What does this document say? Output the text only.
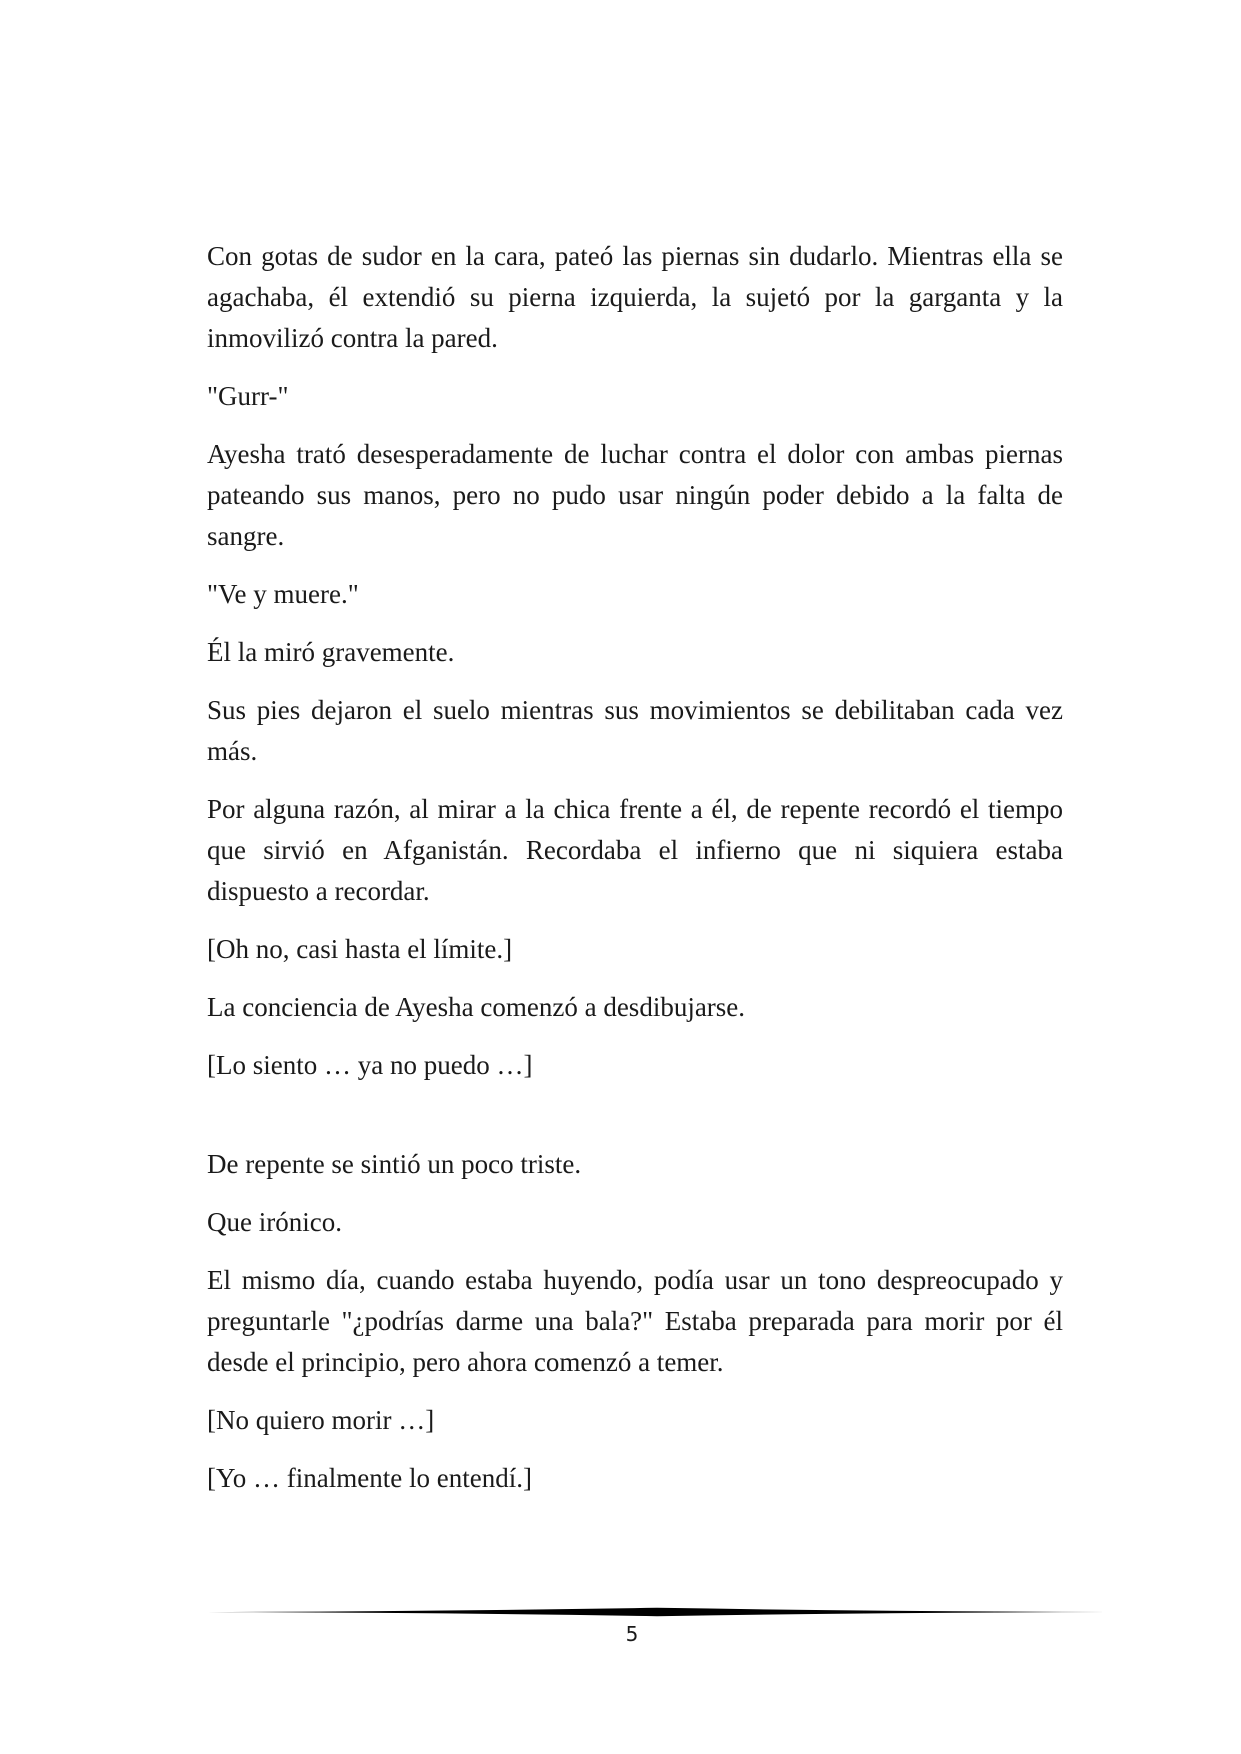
Con gotas de sudor en la cara, pateó las piernas sin dudarlo. Mientras ella se agachaba, él extendió su pierna izquierda, la sujetó por la garganta y la inmovilizó contra la pared.

"Gurr-"

Ayesha trató desesperadamente de luchar contra el dolor con ambas piernas pateando sus manos, pero no pudo usar ningún poder debido a la falta de sangre.

"Ve y muere."

Él la miró gravemente.

Sus pies dejaron el suelo mientras sus movimientos se debilitaban cada vez más.

Por alguna razón, al mirar a la chica frente a él, de repente recordó el tiempo que sirvió en Afganistán. Recordaba el infierno que ni siquiera estaba dispuesto a recordar.

[Oh no, casi hasta el límite.]

La conciencia de Ayesha comenzó a desdibujarse.

[Lo siento … ya no puedo …]

De repente se sintió un poco triste.

Que irónico.

El mismo día, cuando estaba huyendo, podía usar un tono despreocupado y preguntarle "¿podrías darme una bala?" Estaba preparada para morir por él desde el principio, pero ahora comenzó a temer.

[No quiero morir …]

[Yo … finalmente lo entendí.]

5
